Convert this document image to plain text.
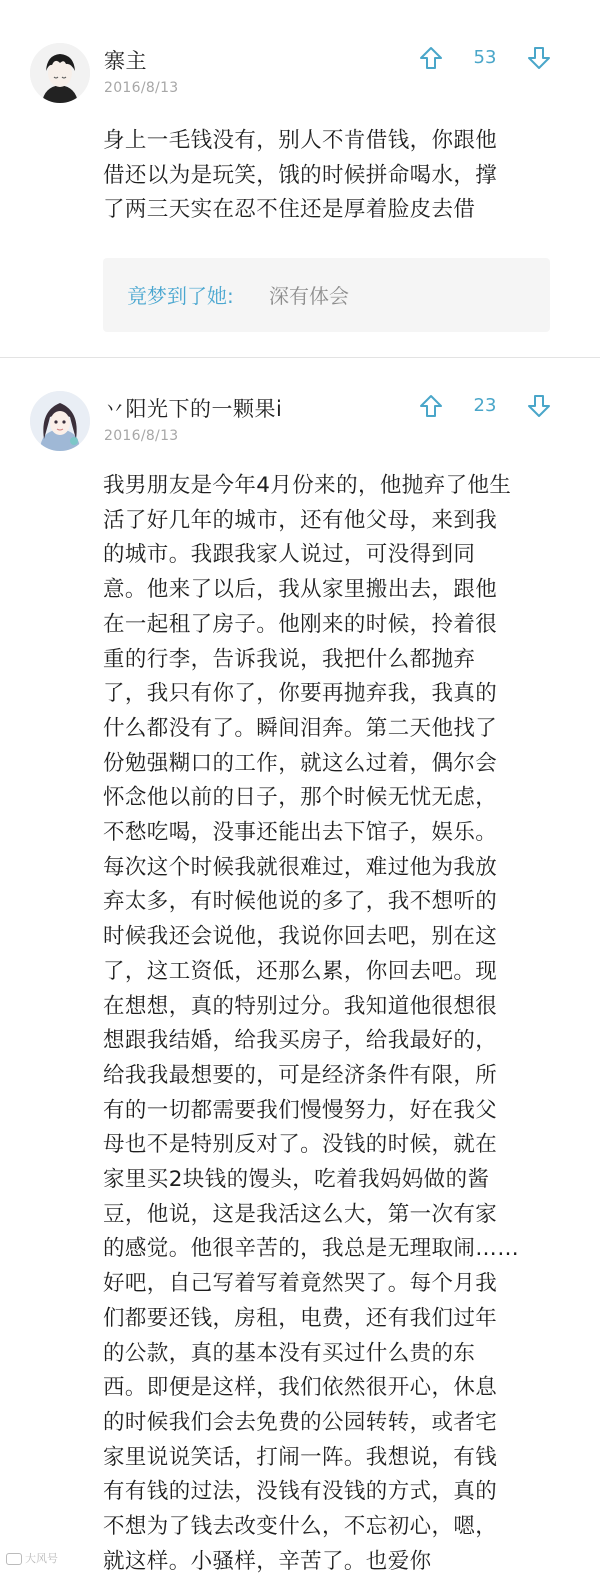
寨主
2016/8/13
53
身上一毛钱没有，别人不肯借钱，你跟他
借还以为是玩笑，饿的时候拼命喝水，撑
了两三天实在忍不住还是厚着脸皮去借
竟梦到了她: 深有体会
丷阳光下的一颗果i
2016/8/13
23
我男朋友是今年4月份来的，他抛弃了他生
活了好几年的城市，还有他父母，来到我
的城市。我跟我家人说过，可没得到同
意。他来了以后，我从家里搬出去，跟他
在一起租了房子。他刚来的时候，拎着很
重的行李，告诉我说，我把什么都抛弃
了，我只有你了，你要再抛弃我，我真的
什么都没有了。瞬间泪奔。第二天他找了
份勉强糊口的工作，就这么过着，偶尔会
怀念他以前的日子，那个时候无忧无虑，
不愁吃喝，没事还能出去下馆子，娱乐。
每次这个时候我就很难过，难过他为我放
弃太多，有时候他说的多了，我不想听的
时候我还会说他，我说你回去吧，别在这
了，这工资低，还那么累，你回去吧。现
在想想，真的特别过分。我知道他很想很
想跟我结婚，给我买房子，给我最好的，
给我我最想要的，可是经济条件有限，所
有的一切都需要我们慢慢努力，好在我父
母也不是特别反对了。没钱的时候，就在
家里买2块钱的馒头，吃着我妈妈做的酱
豆，他说，这是我活这么大，第一次有家
的感觉。他很辛苦的，我总是无理取闹……
好吧，自己写着写着竟然哭了。每个月我
们都要还钱，房租，电费，还有我们过年
的公款，真的基本没有买过什么贵的东
西。即便是这样，我们依然很开心，休息
的时候我们会去免费的公园转转，或者宅
家里说说笑话，打闹一阵。我想说，有钱
有有钱的过法，没钱有没钱的方式，真的
不想为了钱去改变什么，不忘初心，嗯，
就这样。小骚样，辛苦了。也爱你
大风号
